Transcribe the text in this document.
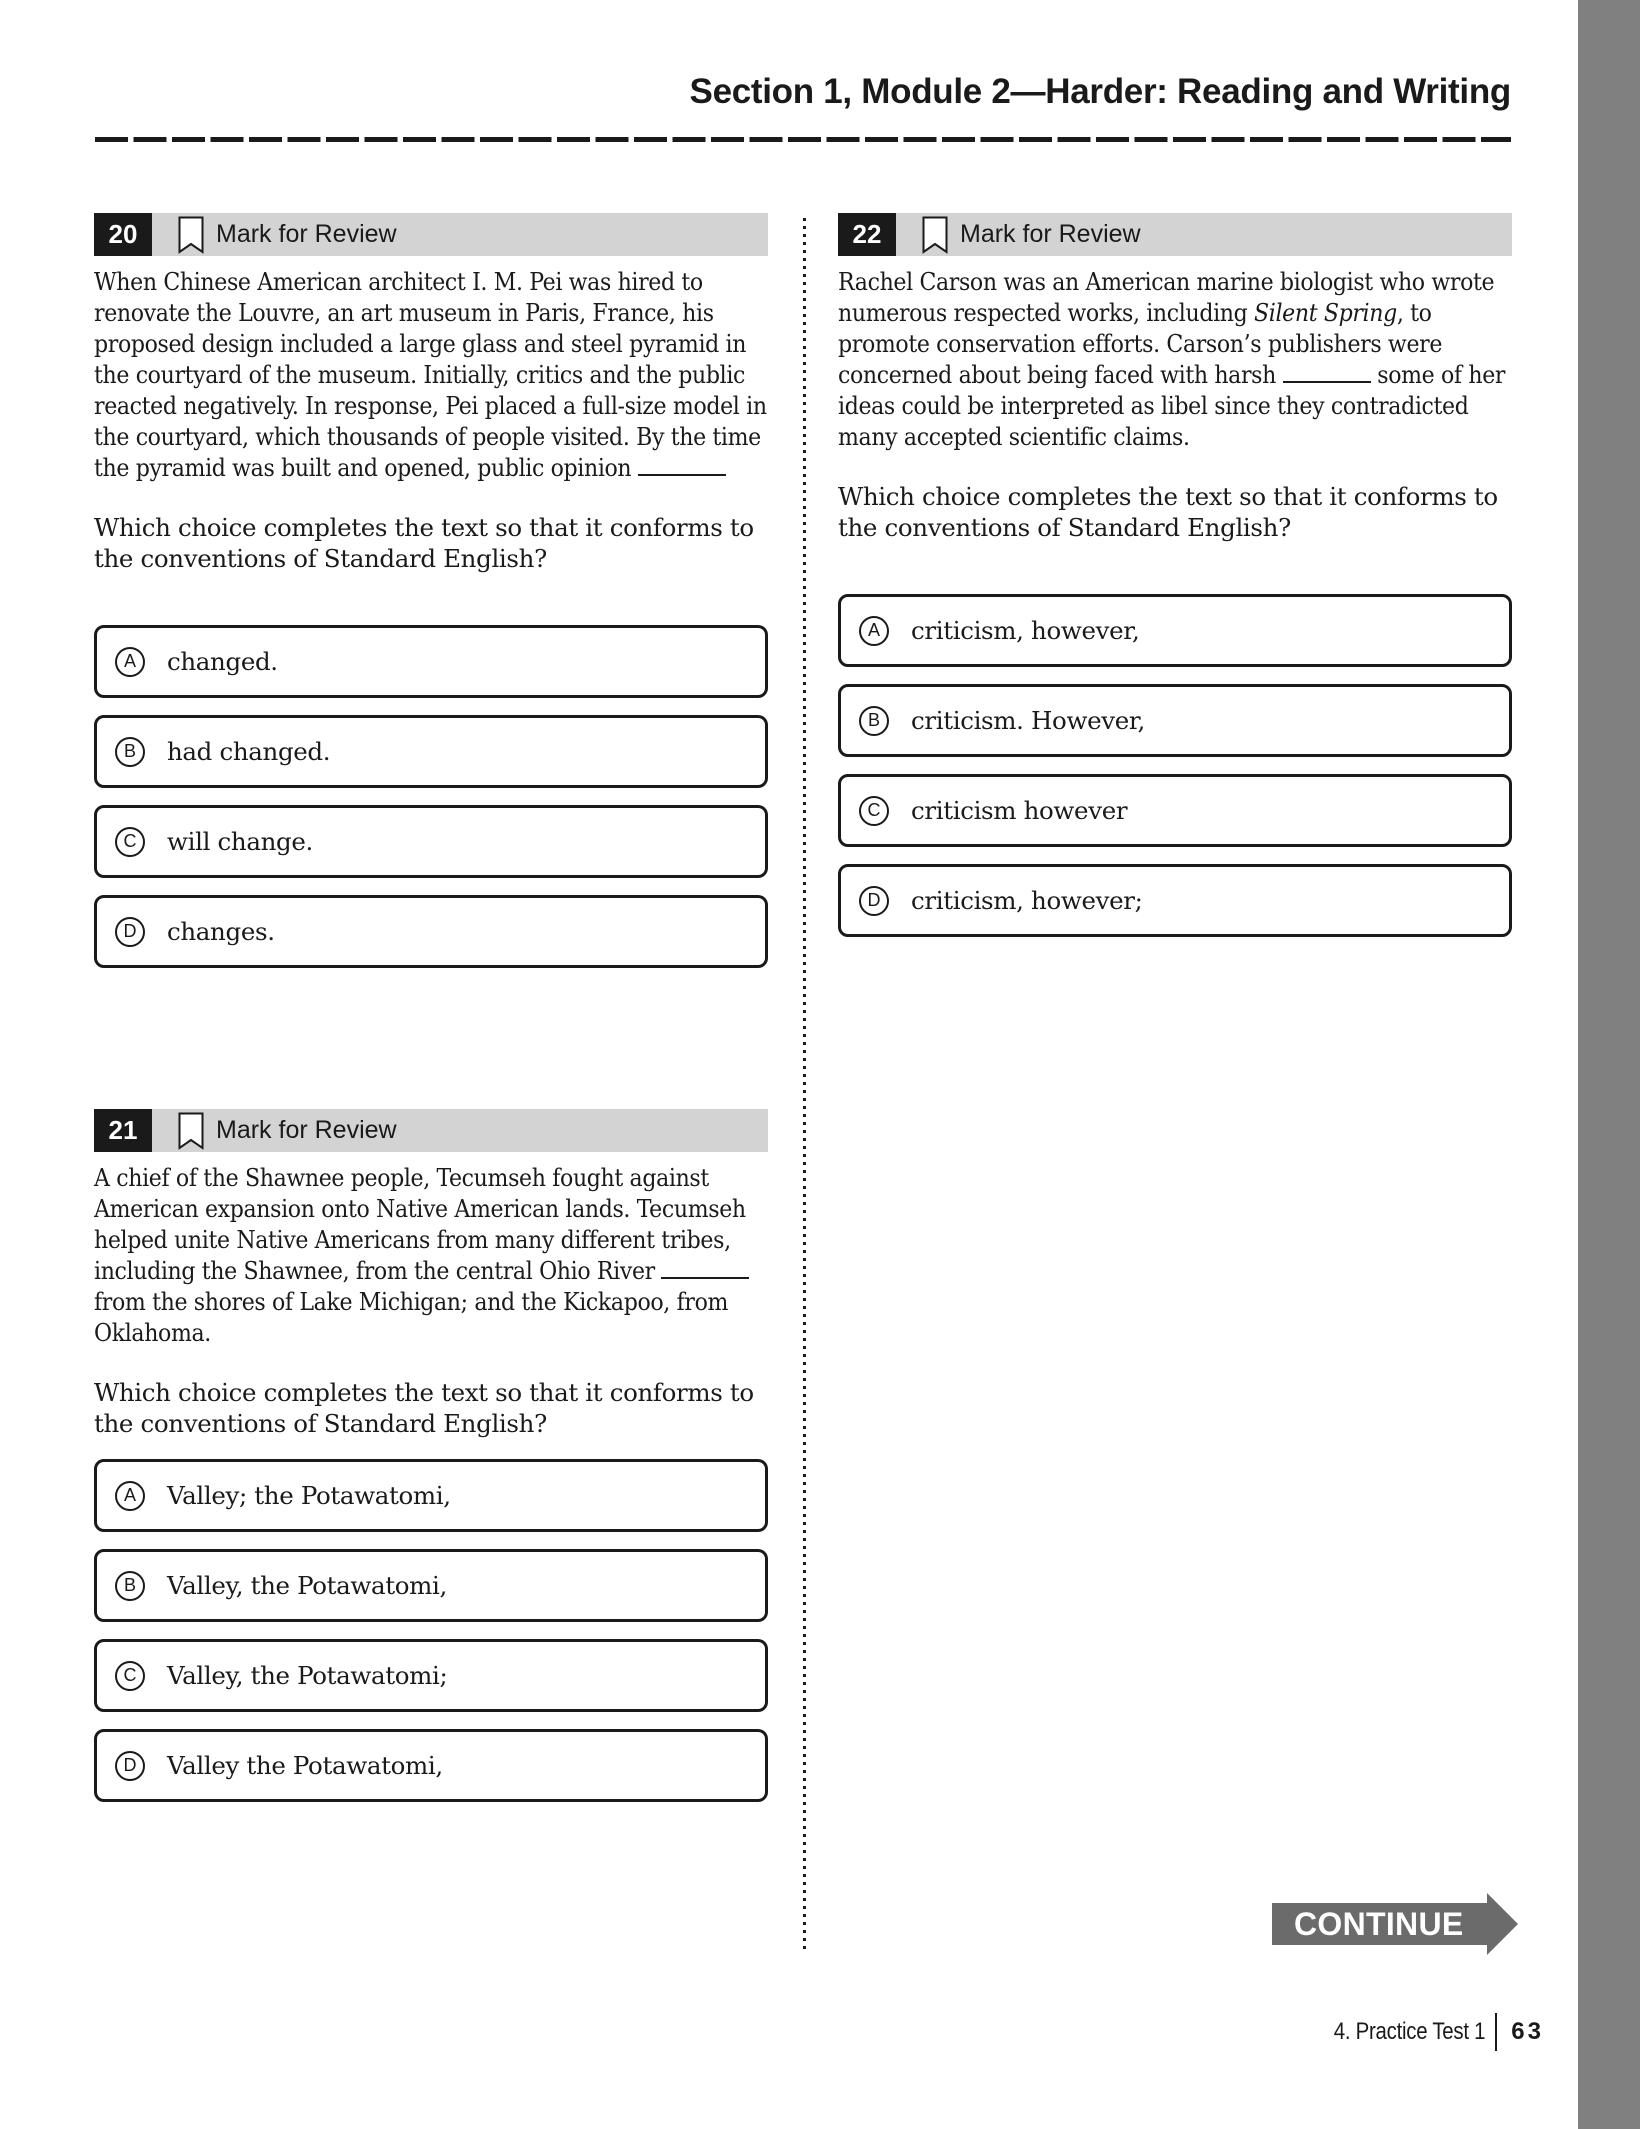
Section 1, Module 2—Harder: Reading and Writing
20	Mark for Review
When Chinese American architect I. M. Pei was hired to renovate the Louvre, an art museum in Paris, France, his proposed design included a large glass and steel pyramid in the courtyard of the museum. Initially, critics and the public reacted negatively. In response, Pei placed a full-size model in the courtyard, which thousands of people visited. By the time the pyramid was built and opened, public opinion
Which choice completes the text so that it conforms to the conventions of Standard English?
A	changed.
B	had changed.
C	will change.
D	changes.
21	Mark for Review
A chief of the Shawnee people, Tecumseh fought against American expansion onto Native American lands. Tecumseh helped unite Native Americans from many different tribes, including the Shawnee, from the central Ohio River  from the shores of Lake Michigan; and the Kickapoo, from Oklahoma.
Which choice completes the text so that it conforms to the conventions of Standard English?
A	Valley; the Potawatomi,
B	Valley, the Potawatomi,
C	Valley, the Potawatomi;
D	Valley the Potawatomi,
22	Mark for Review
Rachel Carson was an American marine biologist who wrote numerous respected works, including Silent Spring, to promote conservation efforts. Carson’s publishers were concerned about being faced with harsh	some of her ideas could be interpreted as libel since they contradicted many accepted scientific claims.
Which choice completes the text so that it conforms to the conventions of Standard English?
A	criticism, however,
B	criticism. However,
C	criticism however
D	criticism, however;
CONTINUE
4. Practice Test 1 63
